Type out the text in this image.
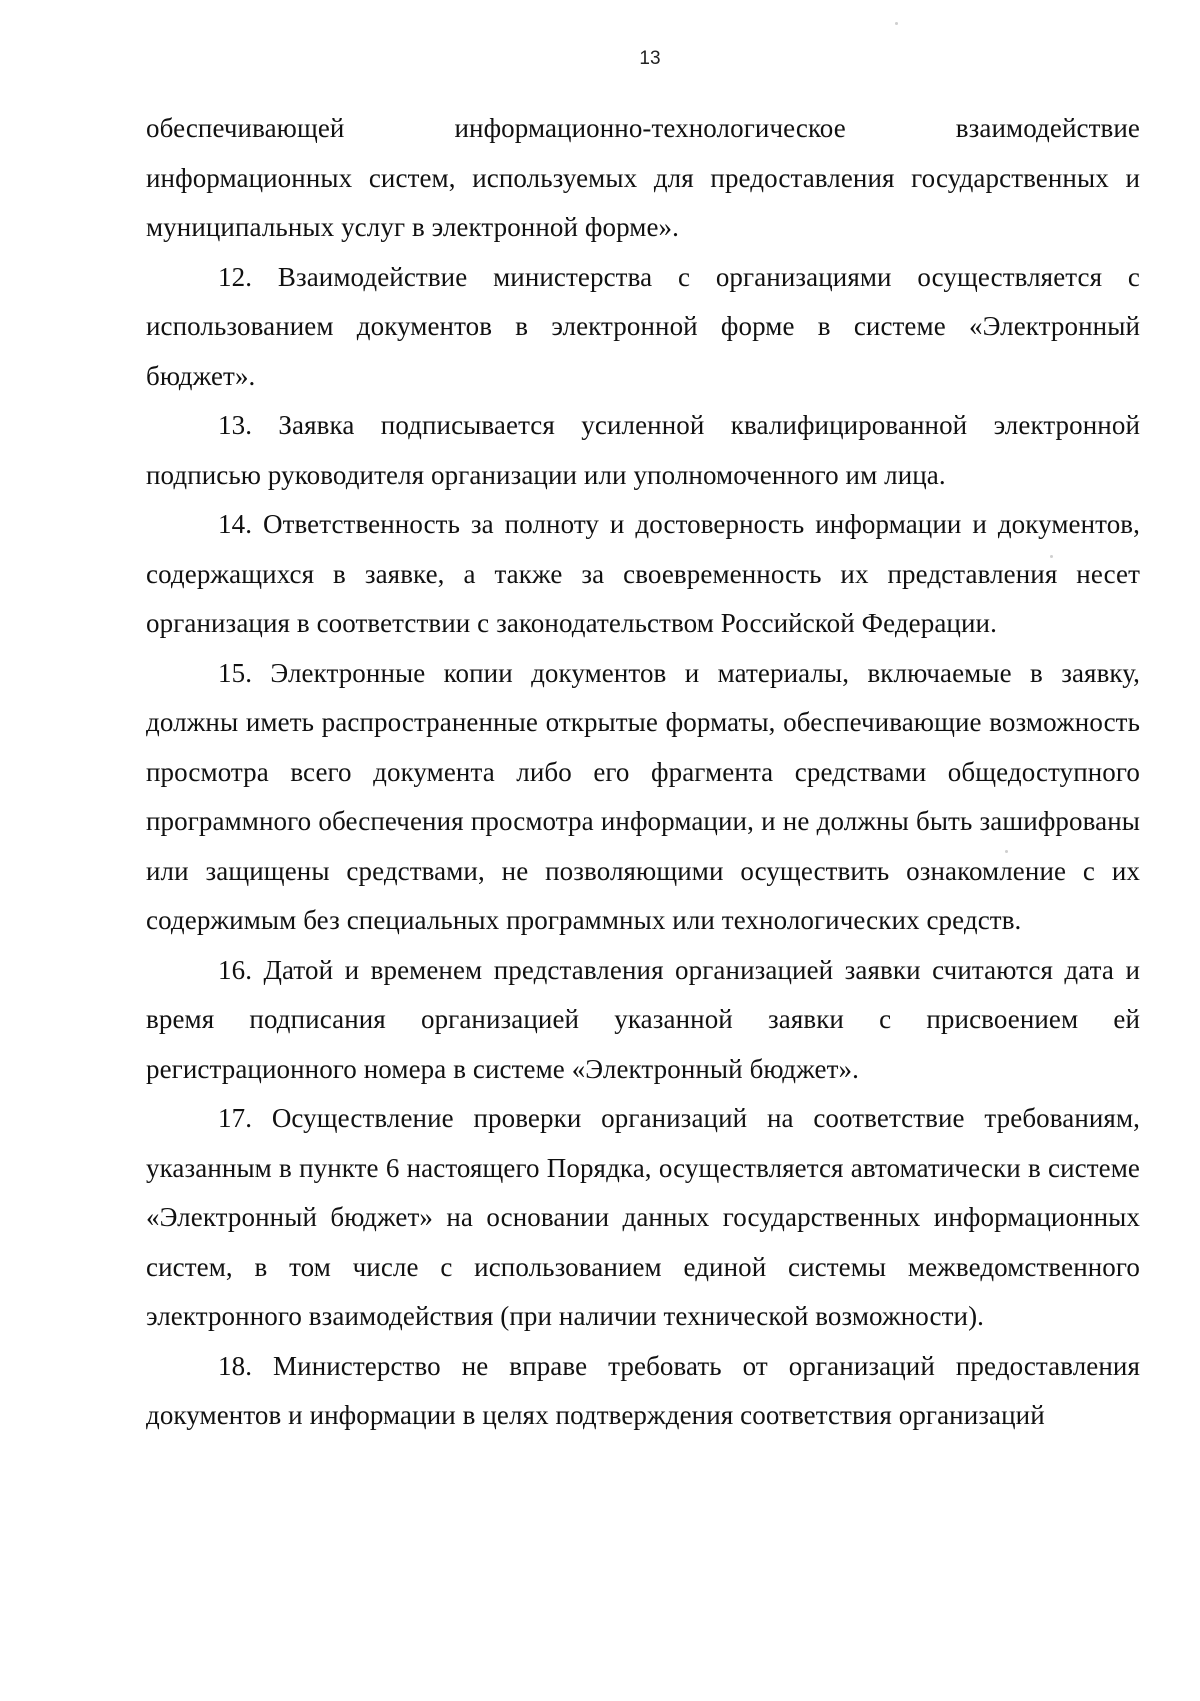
13

обеспечивающей информационно-технологическое взаимодействие

информационных систем, используемых для предоставления государственных и муниципальных услуг в электронной форме».

12. Взаимодействие министерства с организациями осуществляется с использованием документов в электронной форме в системе «Электронный бюджет».

13. Заявка подписывается усиленной квалифицированной электронной подписью руководителя организации или уполномоченного им лица.

14. Ответственность за полноту и достоверность информации и документов, содержащихся в заявке, а также за своевременность их представления несет организация в соответствии с законодательством Российской Федерации.

15. Электронные копии документов и материалы, включаемые в заявку, должны иметь распространенные открытые форматы, обеспечивающие возможность просмотра всего документа либо его фрагмента средствами общедоступного программного обеспечения просмотра информации, и не должны быть зашифрованы или защищены средствами, не позволяющими осуществить ознакомление с их содержимым без специальных программных или технологических средств.

16. Датой и временем представления организацией заявки считаются дата и время подписания организацией указанной заявки с присвоением ей регистрационного номера в системе «Электронный бюджет».

17. Осуществление проверки организаций на соответствие требованиям, указанным в пункте 6 настоящего Порядка, осуществляется автоматически в системе «Электронный бюджет» на основании данных государственных информационных систем, в том числе с использованием единой системы межведомственного электронного взаимодействия (при наличии технической возможности).

18. Министерство не вправе требовать от организаций предоставления документов и информации в целях подтверждения соответствия организаций
